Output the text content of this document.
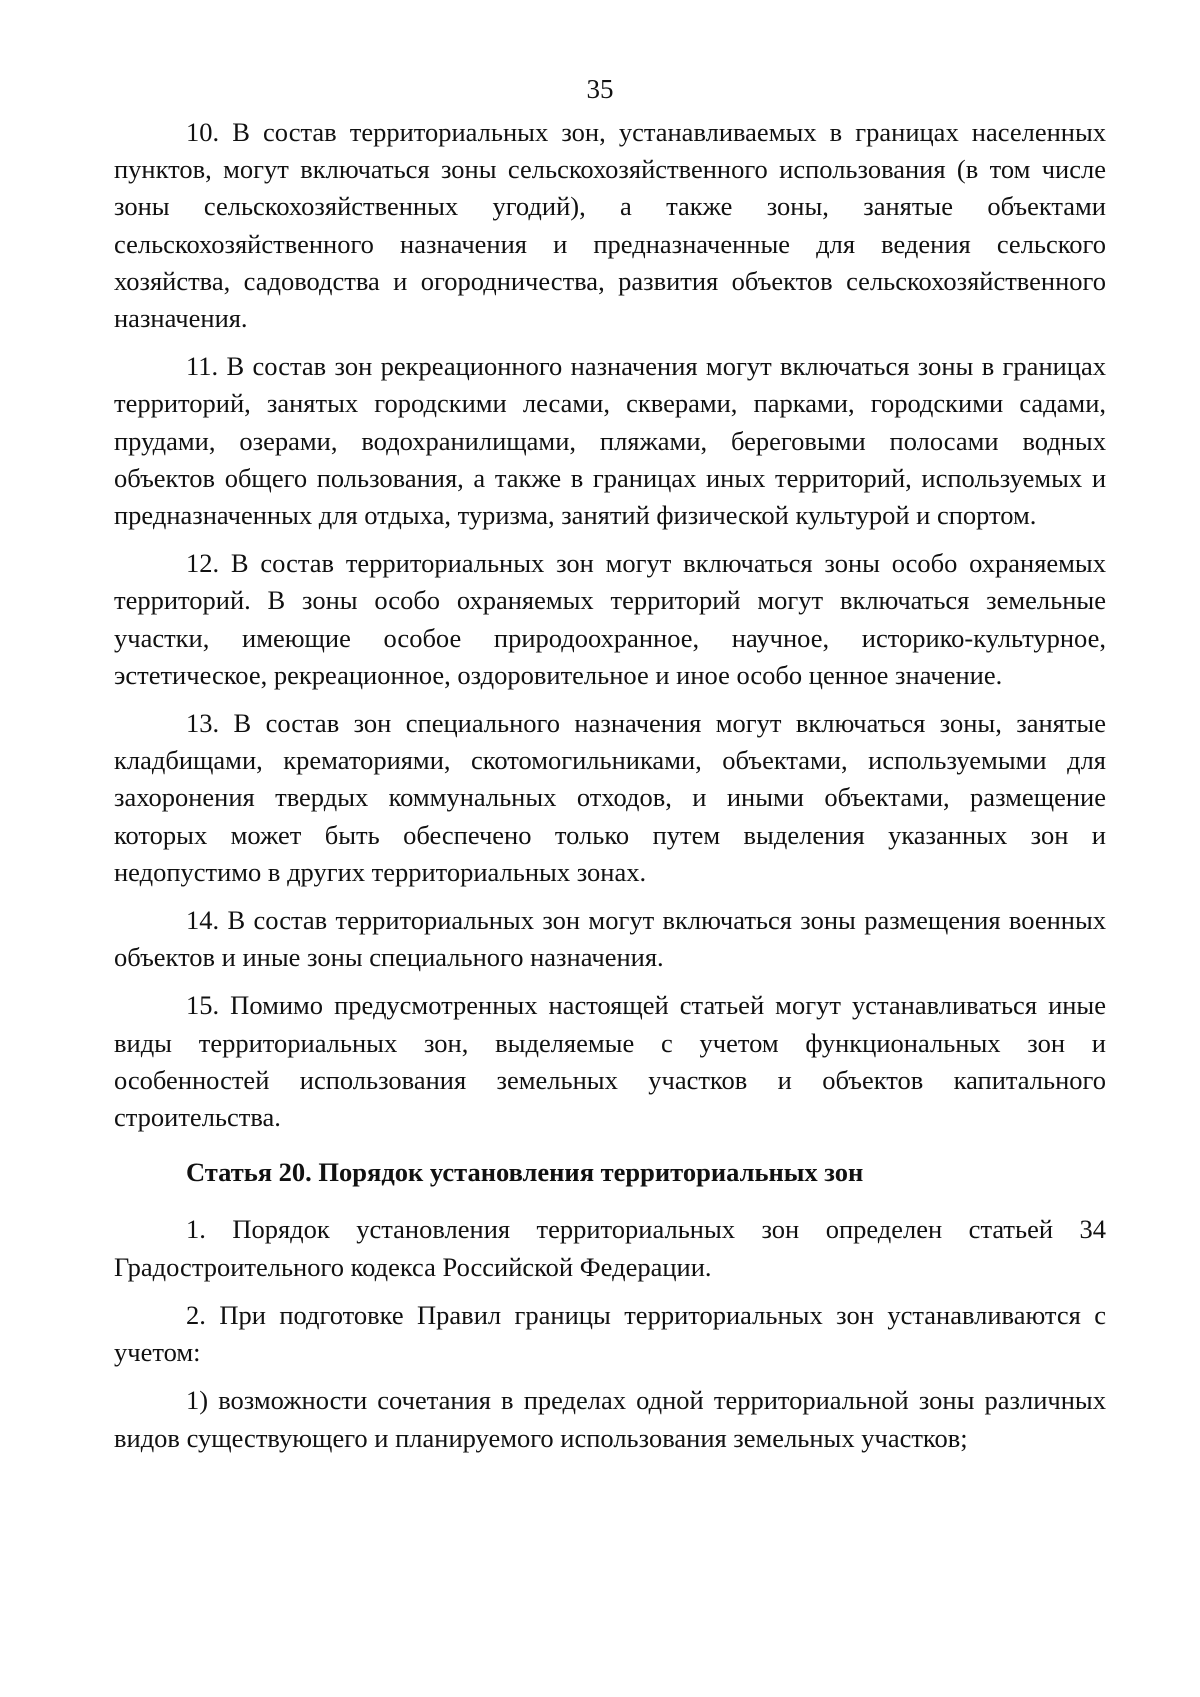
35

10. В состав территориальных зон, устанавливаемых в границах населенных пунктов, могут включаться зоны сельскохозяйственного использования (в том числе зоны сельскохозяйственных угодий), а также зоны, занятые объектами сельскохозяйственного назначения и предназначенные для ведения сельского хозяйства, садоводства и огородничества, развития объектов сельскохозяйственного назначения.

11. В состав зон рекреационного назначения могут включаться зоны в границах территорий, занятых городскими лесами, скверами, парками, городскими садами, прудами, озерами, водохранилищами, пляжами, береговыми полосами водных объектов общего пользования, а также в границах иных территорий, используемых и предназначенных для отдыха, туризма, занятий физической культурой и спортом.

12. В состав территориальных зон могут включаться зоны особо охраняемых территорий. В зоны особо охраняемых территорий могут включаться земельные участки, имеющие особое природоохранное, научное, историко-культурное, эстетическое, рекреационное, оздоровительное и иное особо ценное значение.

13. В состав зон специального назначения могут включаться зоны, занятые кладбищами, крематориями, скотомогильниками, объектами, используемыми для захоронения твердых коммунальных отходов, и иными объектами, размещение которых может быть обеспечено только путем выделения указанных зон и недопустимо в других территориальных зонах.

14. В состав территориальных зон могут включаться зоны размещения военных объектов и иные зоны специального назначения.

15. Помимо предусмотренных настоящей статьей могут устанавливаться иные виды территориальных зон, выделяемые с учетом функциональных зон и особенностей использования земельных участков и объектов капитального строительства.

Статья 20. Порядок установления территориальных зон

1. Порядок установления территориальных зон определен статьей 34 Градостроительного кодекса Российской Федерации.

2. При подготовке Правил границы территориальных зон устанавливаются с учетом:

1) возможности сочетания в пределах одной территориальной зоны различных видов существующего и планируемого использования земельных участков;
